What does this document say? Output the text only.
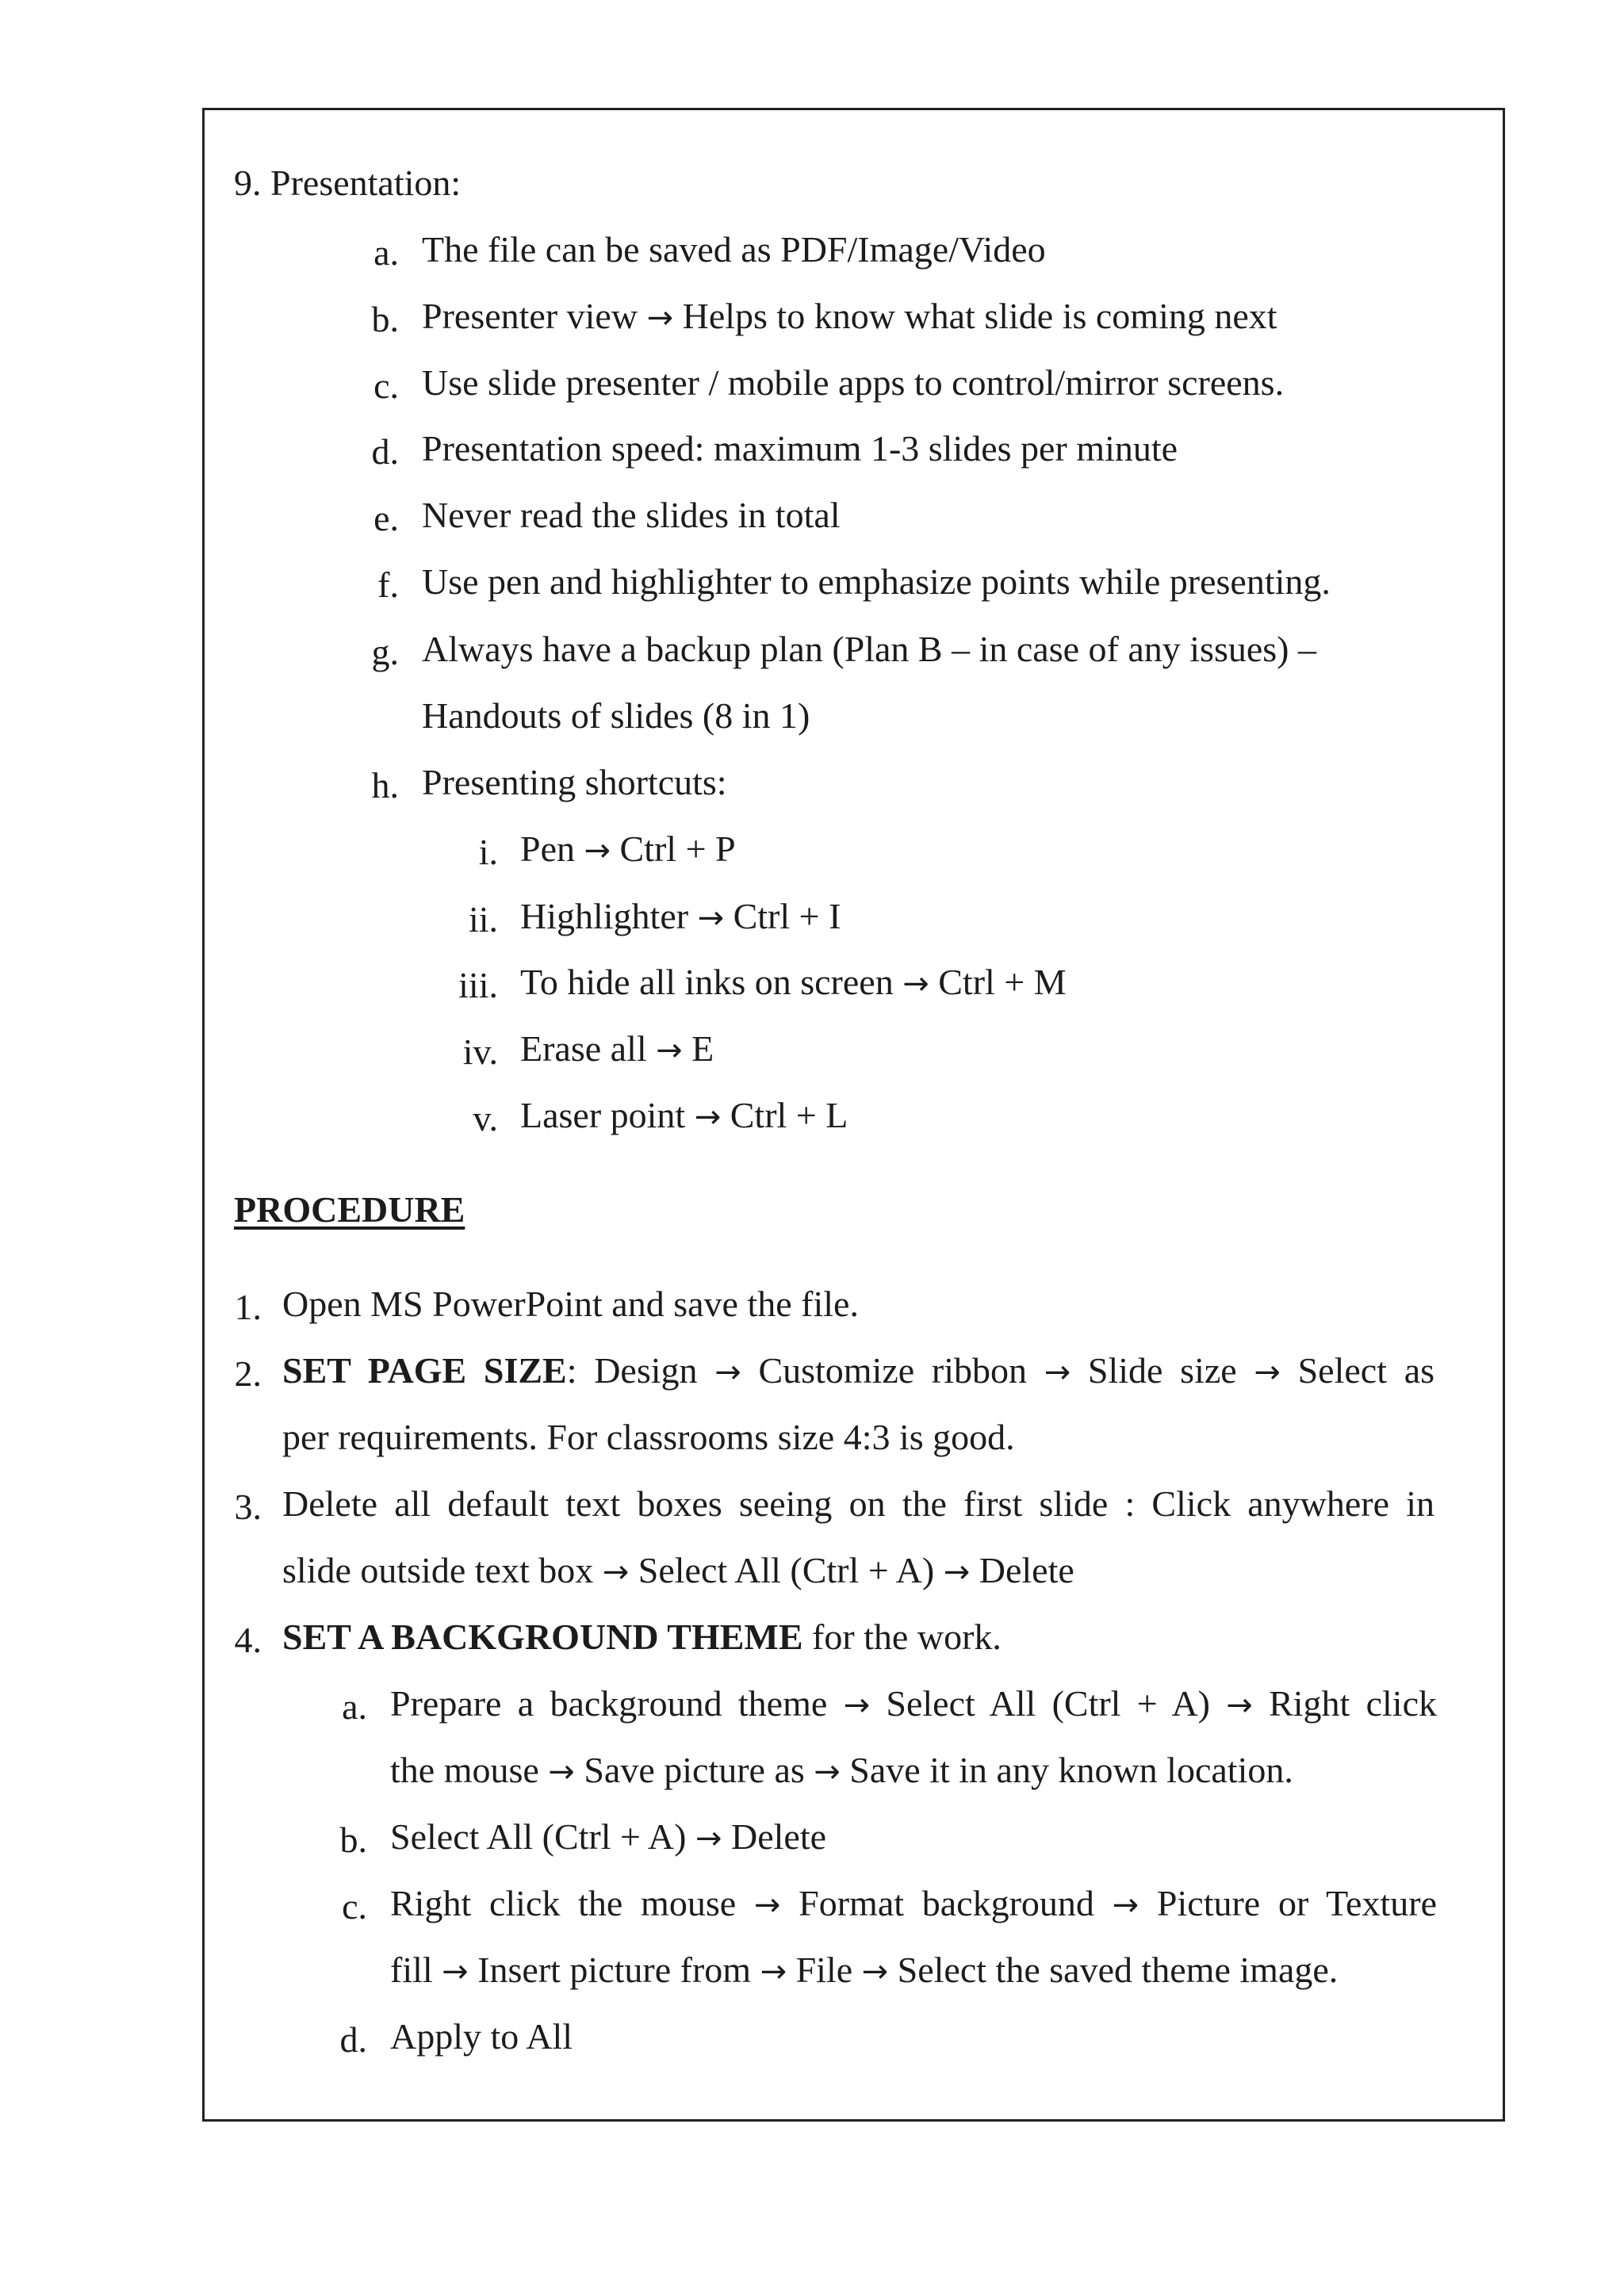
9. Presentation:
a. The file can be saved as PDF/Image/Video
b. Presenter view → Helps to know what slide is coming next
c. Use slide presenter / mobile apps to control/mirror screens.
d. Presentation speed: maximum 1-3 slides per minute
e. Never read the slides in total
f. Use pen and highlighter to emphasize points while presenting.
g. Always have a backup plan (Plan B – in case of any issues) –
Handouts of slides (8 in 1)
h. Presenting shortcuts:
i. Pen → Ctrl + P
ii. Highlighter → Ctrl + I
iii. To hide all inks on screen → Ctrl + M
iv. Erase all → E
v. Laser point → Ctrl + L
PROCEDURE
1. Open MS PowerPoint and save the file.
2. SET PAGE SIZE: Design → Customize ribbon → Slide size → Select as
per requirements. For classrooms size 4:3 is good.
3. Delete all default text boxes seeing on the first slide : Click anywhere in
slide outside text box → Select All (Ctrl + A) → Delete
4. SET A BACKGROUND THEME for the work.
a. Prepare a background theme → Select All (Ctrl + A) → Right click
the mouse → Save picture as → Save it in any known location.
b. Select All (Ctrl + A) → Delete
c. Right click the mouse → Format background → Picture or Texture
fill → Insert picture from → File → Select the saved theme image.
d. Apply to All
